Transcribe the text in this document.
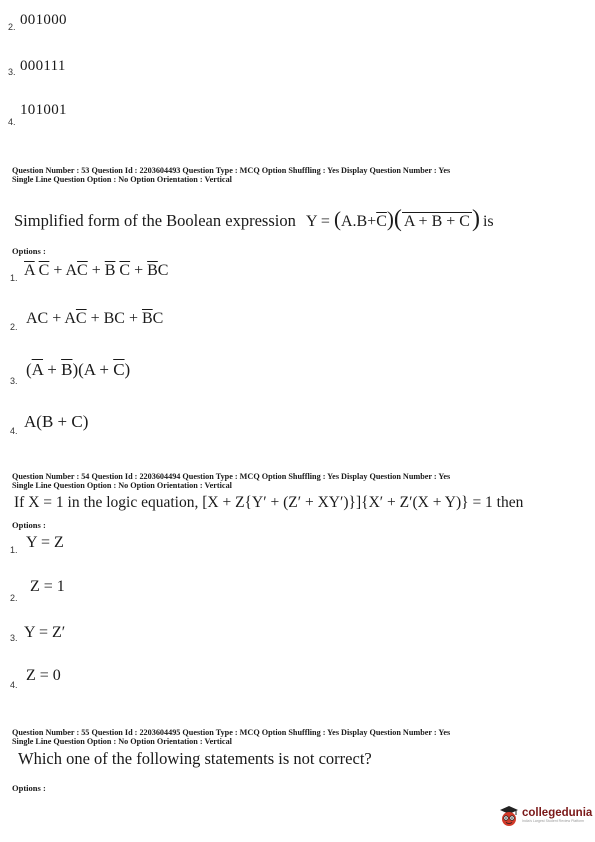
2. 001000
3. 000111
4.
101001
Question Number : 53 Question Id : 2203604493 Question Type : MCQ Option Shuffling : Yes Display Question Number : Yes
Single Line Question Option : No Option Orientation : Vertical
Simplified form of the Boolean expression $Y = (A.B+\overline{C})$( A + B + C) is
Options :
1. $\overline{A}$ $\overline{C} + A\overline{C} + \overline{B}$ $\overline{C} + \overline{B}C$
2. AC + $A\overline{C}$ + BC + $\overline{B}C$
3.
$(\overline{A} + \overline{B})(A + \overline{C})$
4. A(B + C)
Question Number : 54 Question Id : 2203604494 Question Type : MCQ Option Shuffling : Yes Display Question Number : Yes
Single Line Question Option : No Option Orientation : Vertical
If X = 1 in the logic equation, [X + Z{Y′ + (Z′ + XY′)}]{X′ + Z′(X + Y)} = 1 then
Options :
1. Y = Z
2.
Z = 1
3. Y = Z′
4.
Z = 0
Question Number : 55 Question Id : 2203604495 Question Type : MCQ Option Shuffling : Yes Display Question Number : Yes
Single Line Question Option : No Option Orientation : Vertical
Which one of the following statements is not correct?
Options :
collegedunia
India's Largest Student Review Platform
